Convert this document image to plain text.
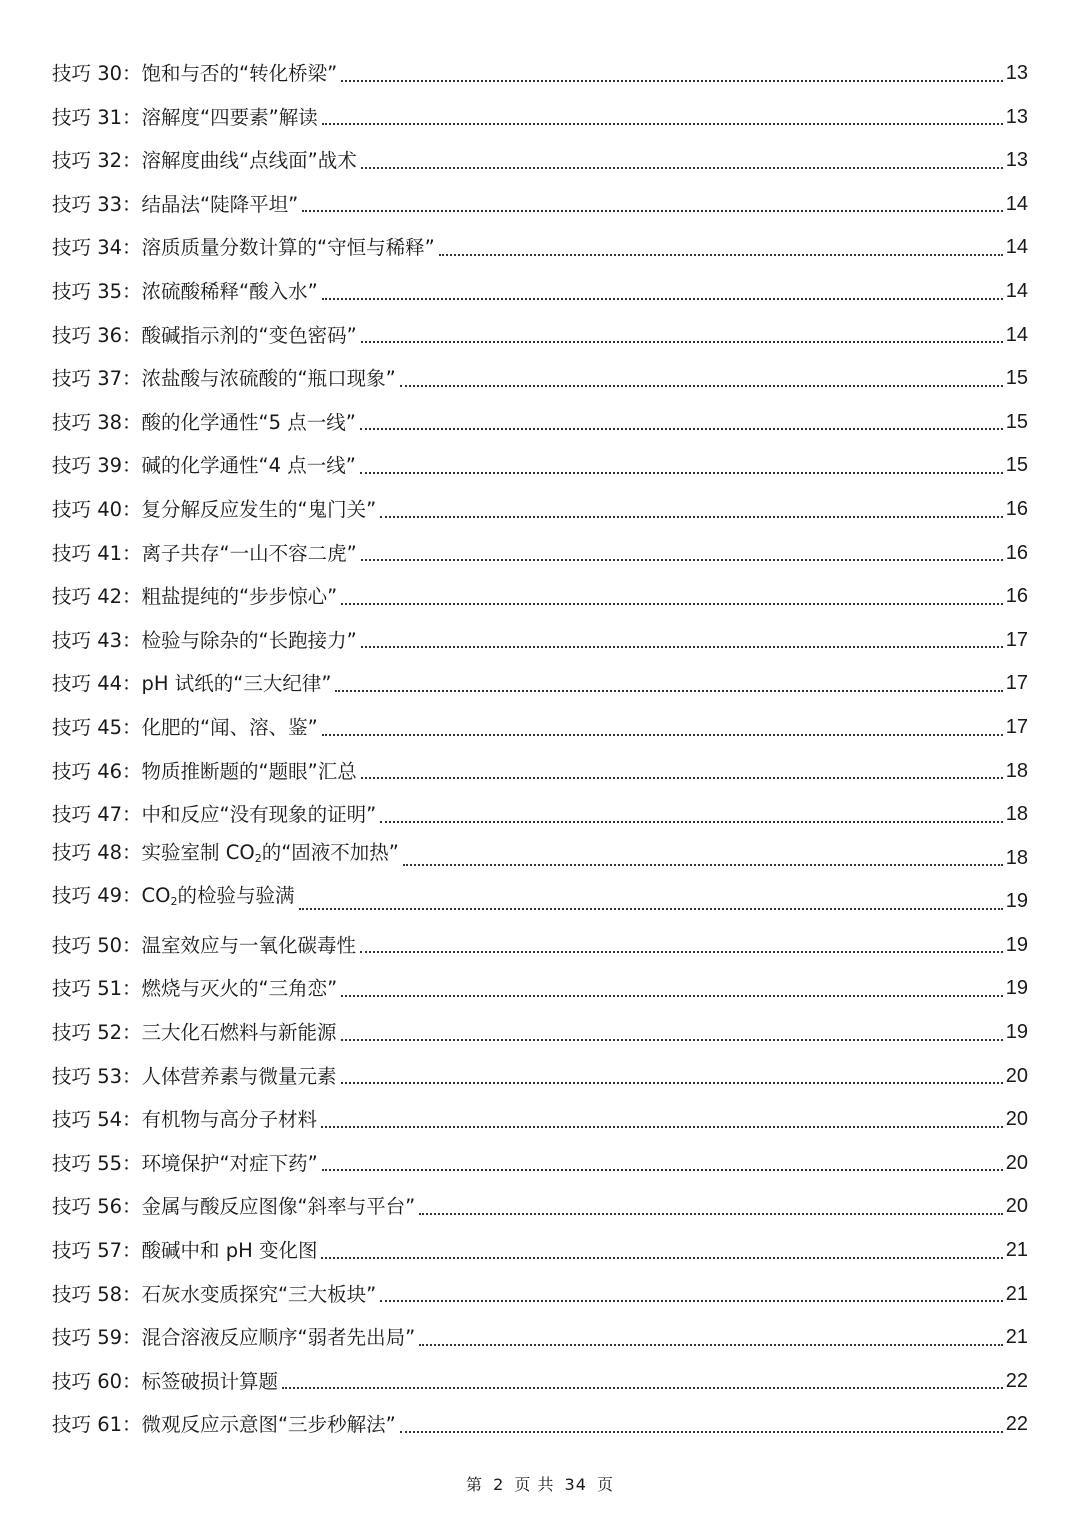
技巧 30：饱和与否的“转化桥梁”	13
技巧 31：溶解度“四要素”解读	13
技巧 32：溶解度曲线“点线面”战术	13
技巧 33：结晶法“陡降平坦”	14
技巧 34：溶质质量分数计算的“守恒与稀释”	14
技巧 35：浓硫酸稀释“酸入水”	14
技巧 36：酸碱指示剂的“变色密码”	14
技巧 37：浓盐酸与浓硫酸的“瓶口现象”	15
技巧 38：酸的化学通性“5 点一线”	15
技巧 39：碱的化学通性“4 点一线”	15
技巧 40：复分解反应发生的“鬼门关”	16
技巧 41：离子共存“一山不容二虎”	16
技巧 42：粗盐提纯的“步步惊心”	16
技巧 43：检验与除杂的“长跑接力”	17
技巧 44：pH 试纸的“三大纪律”	17
技巧 45：化肥的“闻、溶、鉴”	17
技巧 46：物质推断题的“题眼”汇总	18
技巧 47：中和反应“没有现象的证明”	18
技巧 48：实验室制 $CO_2$的“固液不加热”	18
技巧 49：$CO_2$的检验与验满	19
技巧 50：温室效应与一氧化碳毒性	19
技巧 51：燃烧与灭火的“三角恋”	19
技巧 52：三大化石燃料与新能源	19
技巧 53：人体营养素与微量元素	20
技巧 54：有机物与高分子材料	20
技巧 55：环境保护“对症下药”	20
技巧 56：金属与酸反应图像“斜率与平台”	20
技巧 57：酸碱中和 pH 变化图	21
技巧 58：石灰水变质探究“三大板块”	21
技巧 59：混合溶液反应顺序“弱者先出局”	21
技巧 60：标签破损计算题	22
技巧 61：微观反应示意图“三步秒解法”	22
第 2 页 共 34 页
